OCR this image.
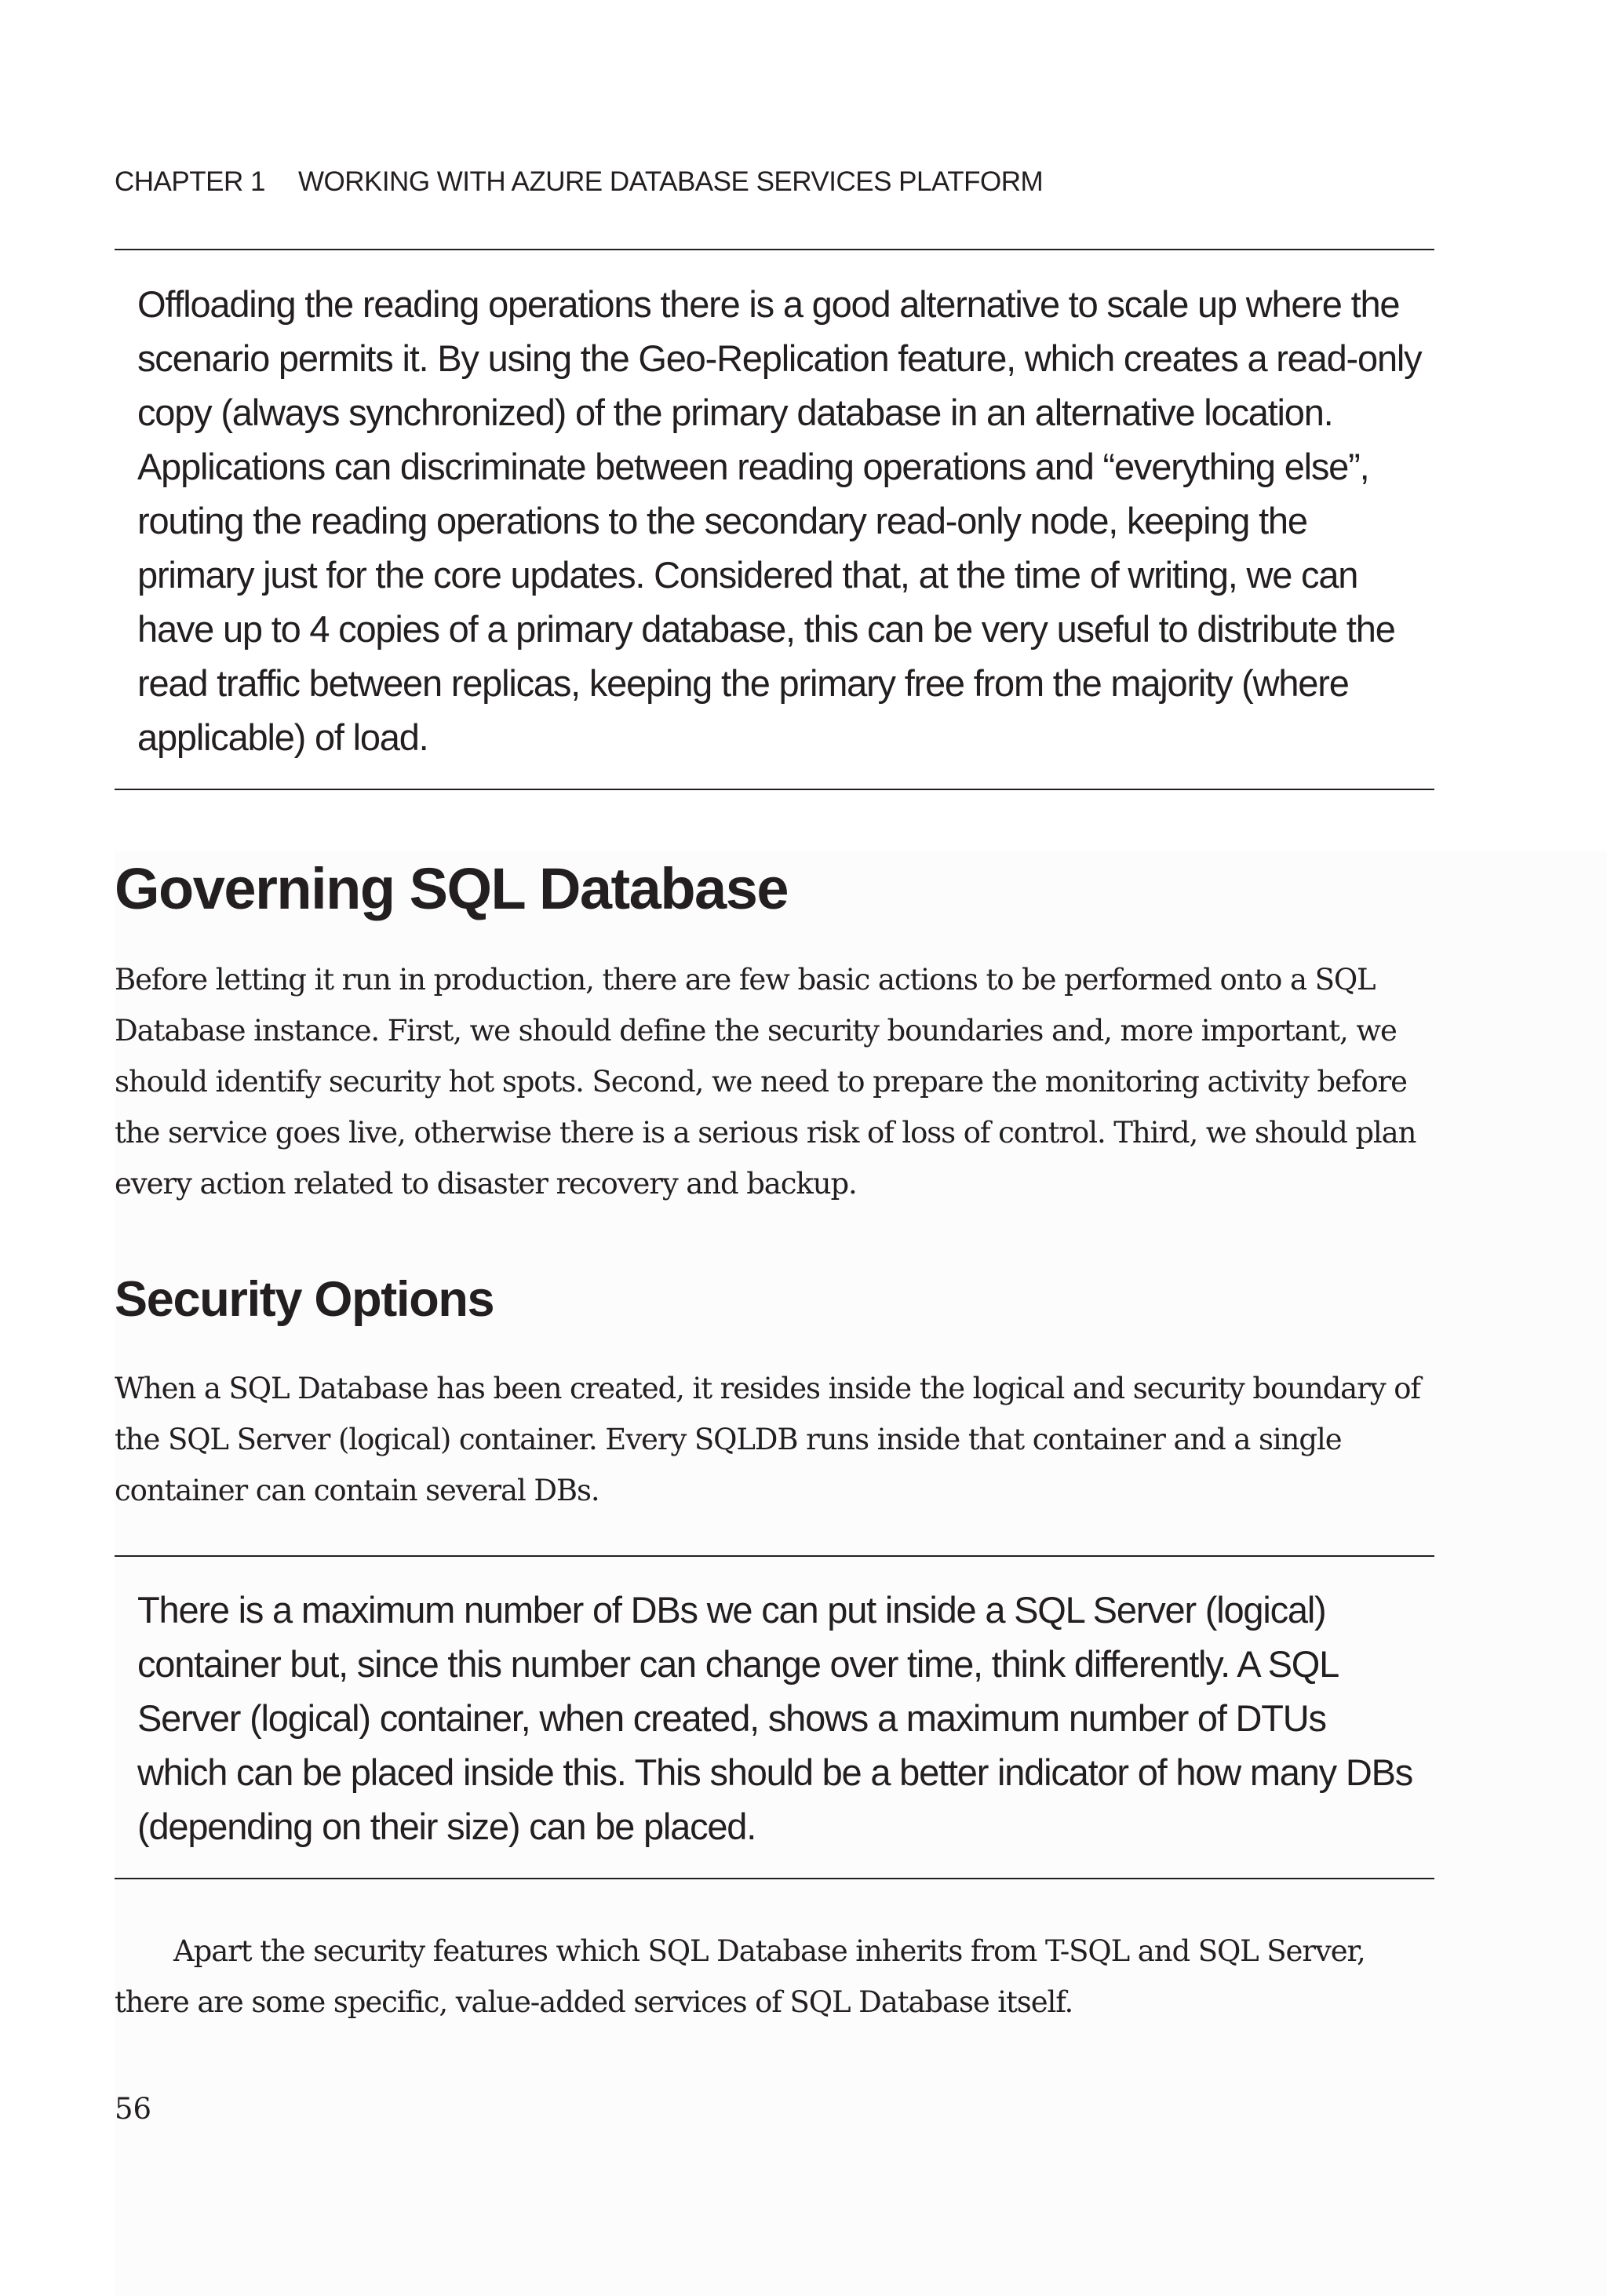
CHAPTER 1 WORKING WITH AZURE DATABASE SERVICES PLATFORM

Offloading the reading operations there is a good alternative to scale up where the scenario permits it. By using the Geo-Replication feature, which creates a read-only copy (always synchronized) of the primary database in an alternative location. Applications can discriminate between reading operations and “everything else”, routing the reading operations to the secondary read-only node, keeping the primary just for the core updates. Considered that, at the time of writing, we can have up to 4 copies of a primary database, this can be very useful to distribute the read traffic between replicas, keeping the primary free from the majority (where applicable) of load.

Governing SQL Database

Before letting it run in production, there are few basic actions to be performed onto a SQL Database instance. First, we should define the security boundaries and, more important, we should identify security hot spots. Second, we need to prepare the monitoring activity before the service goes live, otherwise there is a serious risk of loss of control. Third, we should plan every action related to disaster recovery and backup.

Security Options

When a SQL Database has been created, it resides inside the logical and security boundary of the SQL Server (logical) container. Every SQLDB runs inside that container and a single container can contain several DBs.

There is a maximum number of DBs we can put inside a SQL Server (logical) container but, since this number can change over time, think differently. A SQL Server (logical) container, when created, shows a maximum number of DTUs which can be placed inside this. This should be a better indicator of how many DBs (depending on their size) can be placed.

Apart the security features which SQL Database inherits from T-SQL and SQL Server, there are some specific, value-added services of SQL Database itself.

56
